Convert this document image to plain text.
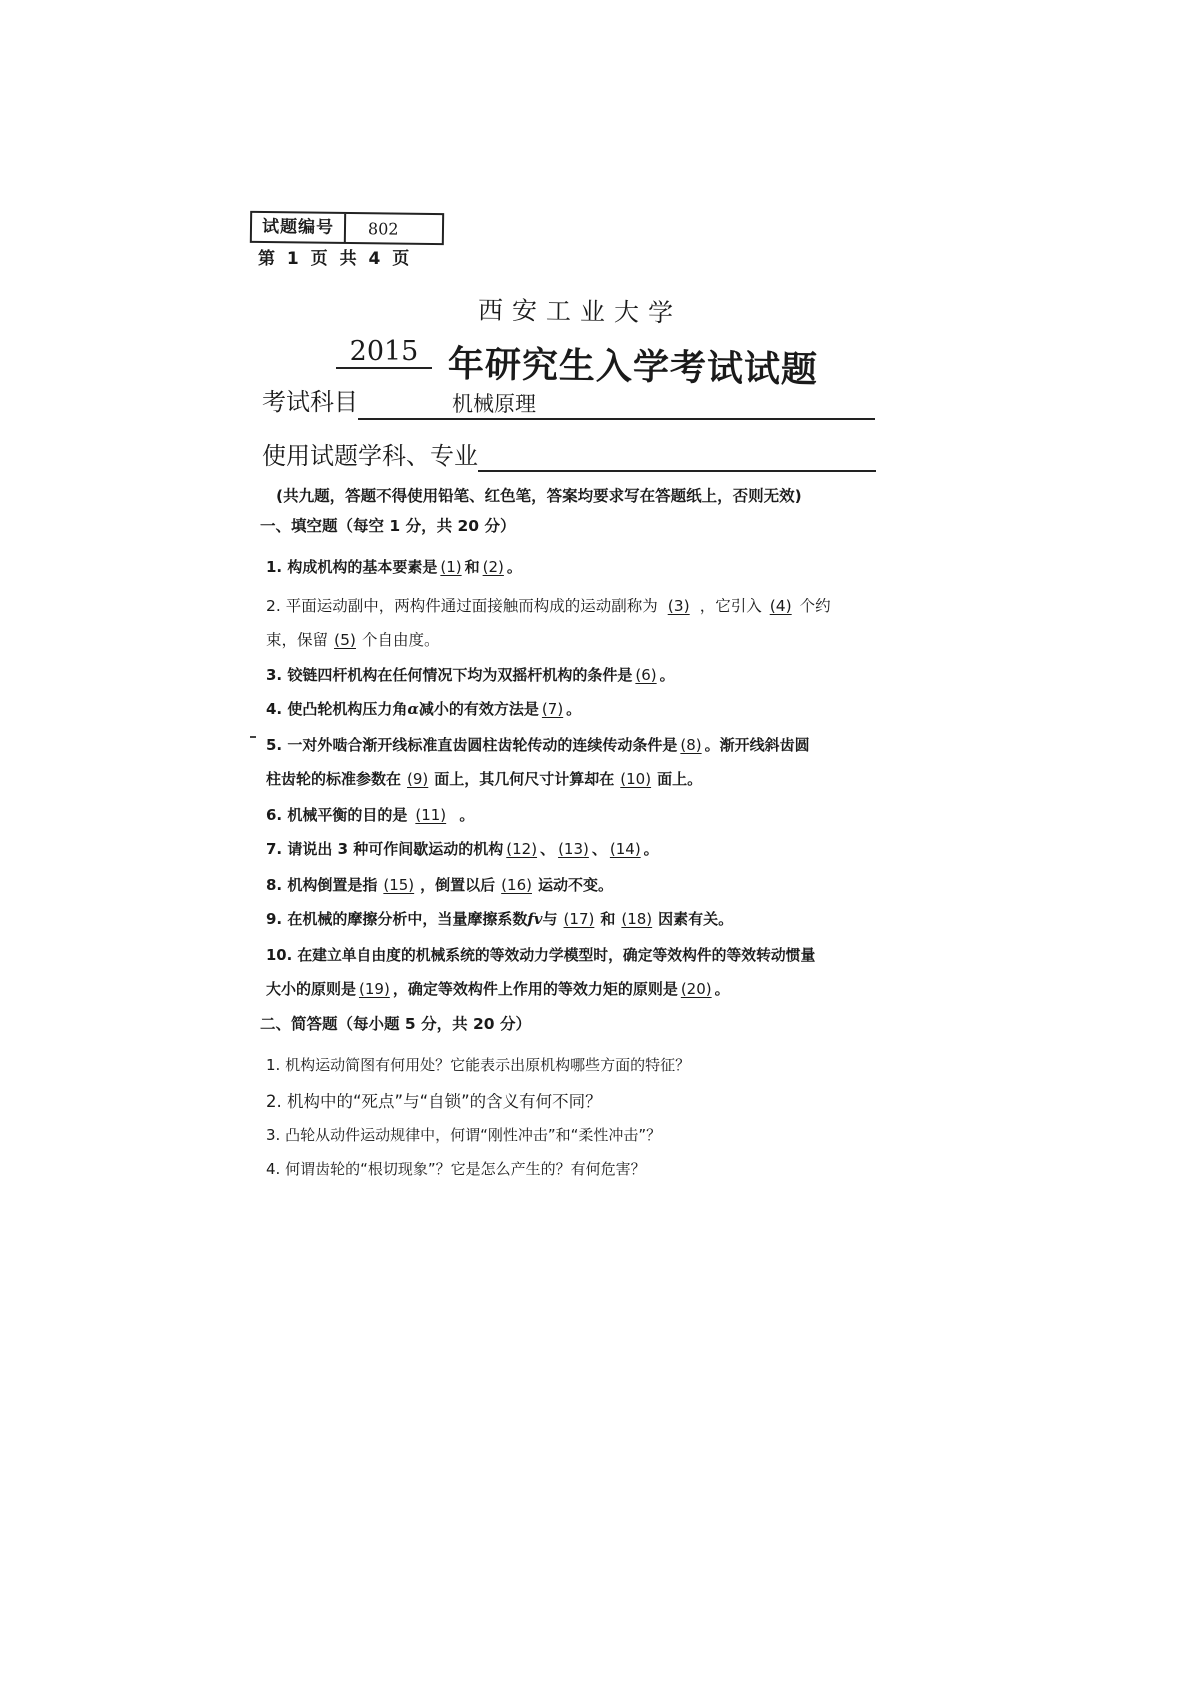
试题编号	802
第 1 页 共 4 页
西安工业大学
2015 年研究生入学考试试题
考试科目	机械原理
使用试题学科、专业
(共九题，答题不得使用铅笔、红色笔，答案均要求写在答题纸上，否则无效)
一、填空题（每空 1 分，共 20 分）
1. 构成机构的基本要素是 (1) 和 (2) 。
2. 平面运动副中，两构件通过面接触而构成的运动副称为 (3) ，它引入 (4) 个约
束，保留 (5) 个自由度。
3. 铰链四杆机构在任何情况下均为双摇杆机构的条件是 (6) 。
4. 使凸轮机构压力角α减小的有效方法是 (7) 。
5. 一对外啮合渐开线标准直齿圆柱齿轮传动的连续传动条件是 (8) 。渐开线斜齿圆
柱齿轮的标准参数在 (9) 面上，其几何尺寸计算却在 (10) 面上。
6. 机械平衡的目的是 (11) 。
7. 请说出 3 种可作间歇运动的机构 (12) 、 (13) 、 (14) 。
8. 机构倒置是指 (15) ，倒置以后 (16) 运动不变。
9. 在机械的摩擦分析中，当量摩擦系数fv与 (17) 和 (18) 因素有关。
10. 在建立单自由度的机械系统的等效动力学模型时，确定等效构件的等效转动惯量
大小的原则是 (19) ，确定等效构件上作用的等效力矩的原则是 (20) 。
二、简答题（每小题 5 分，共 20 分）
1. 机构运动简图有何用处？它能表示出原机构哪些方面的特征？
2. 机构中的“死点”与“自锁”的含义有何不同？
3. 凸轮从动件运动规律中，何谓“刚性冲击”和“柔性冲击”？
4. 何谓齿轮的“根切现象”？它是怎么产生的？有何危害？
